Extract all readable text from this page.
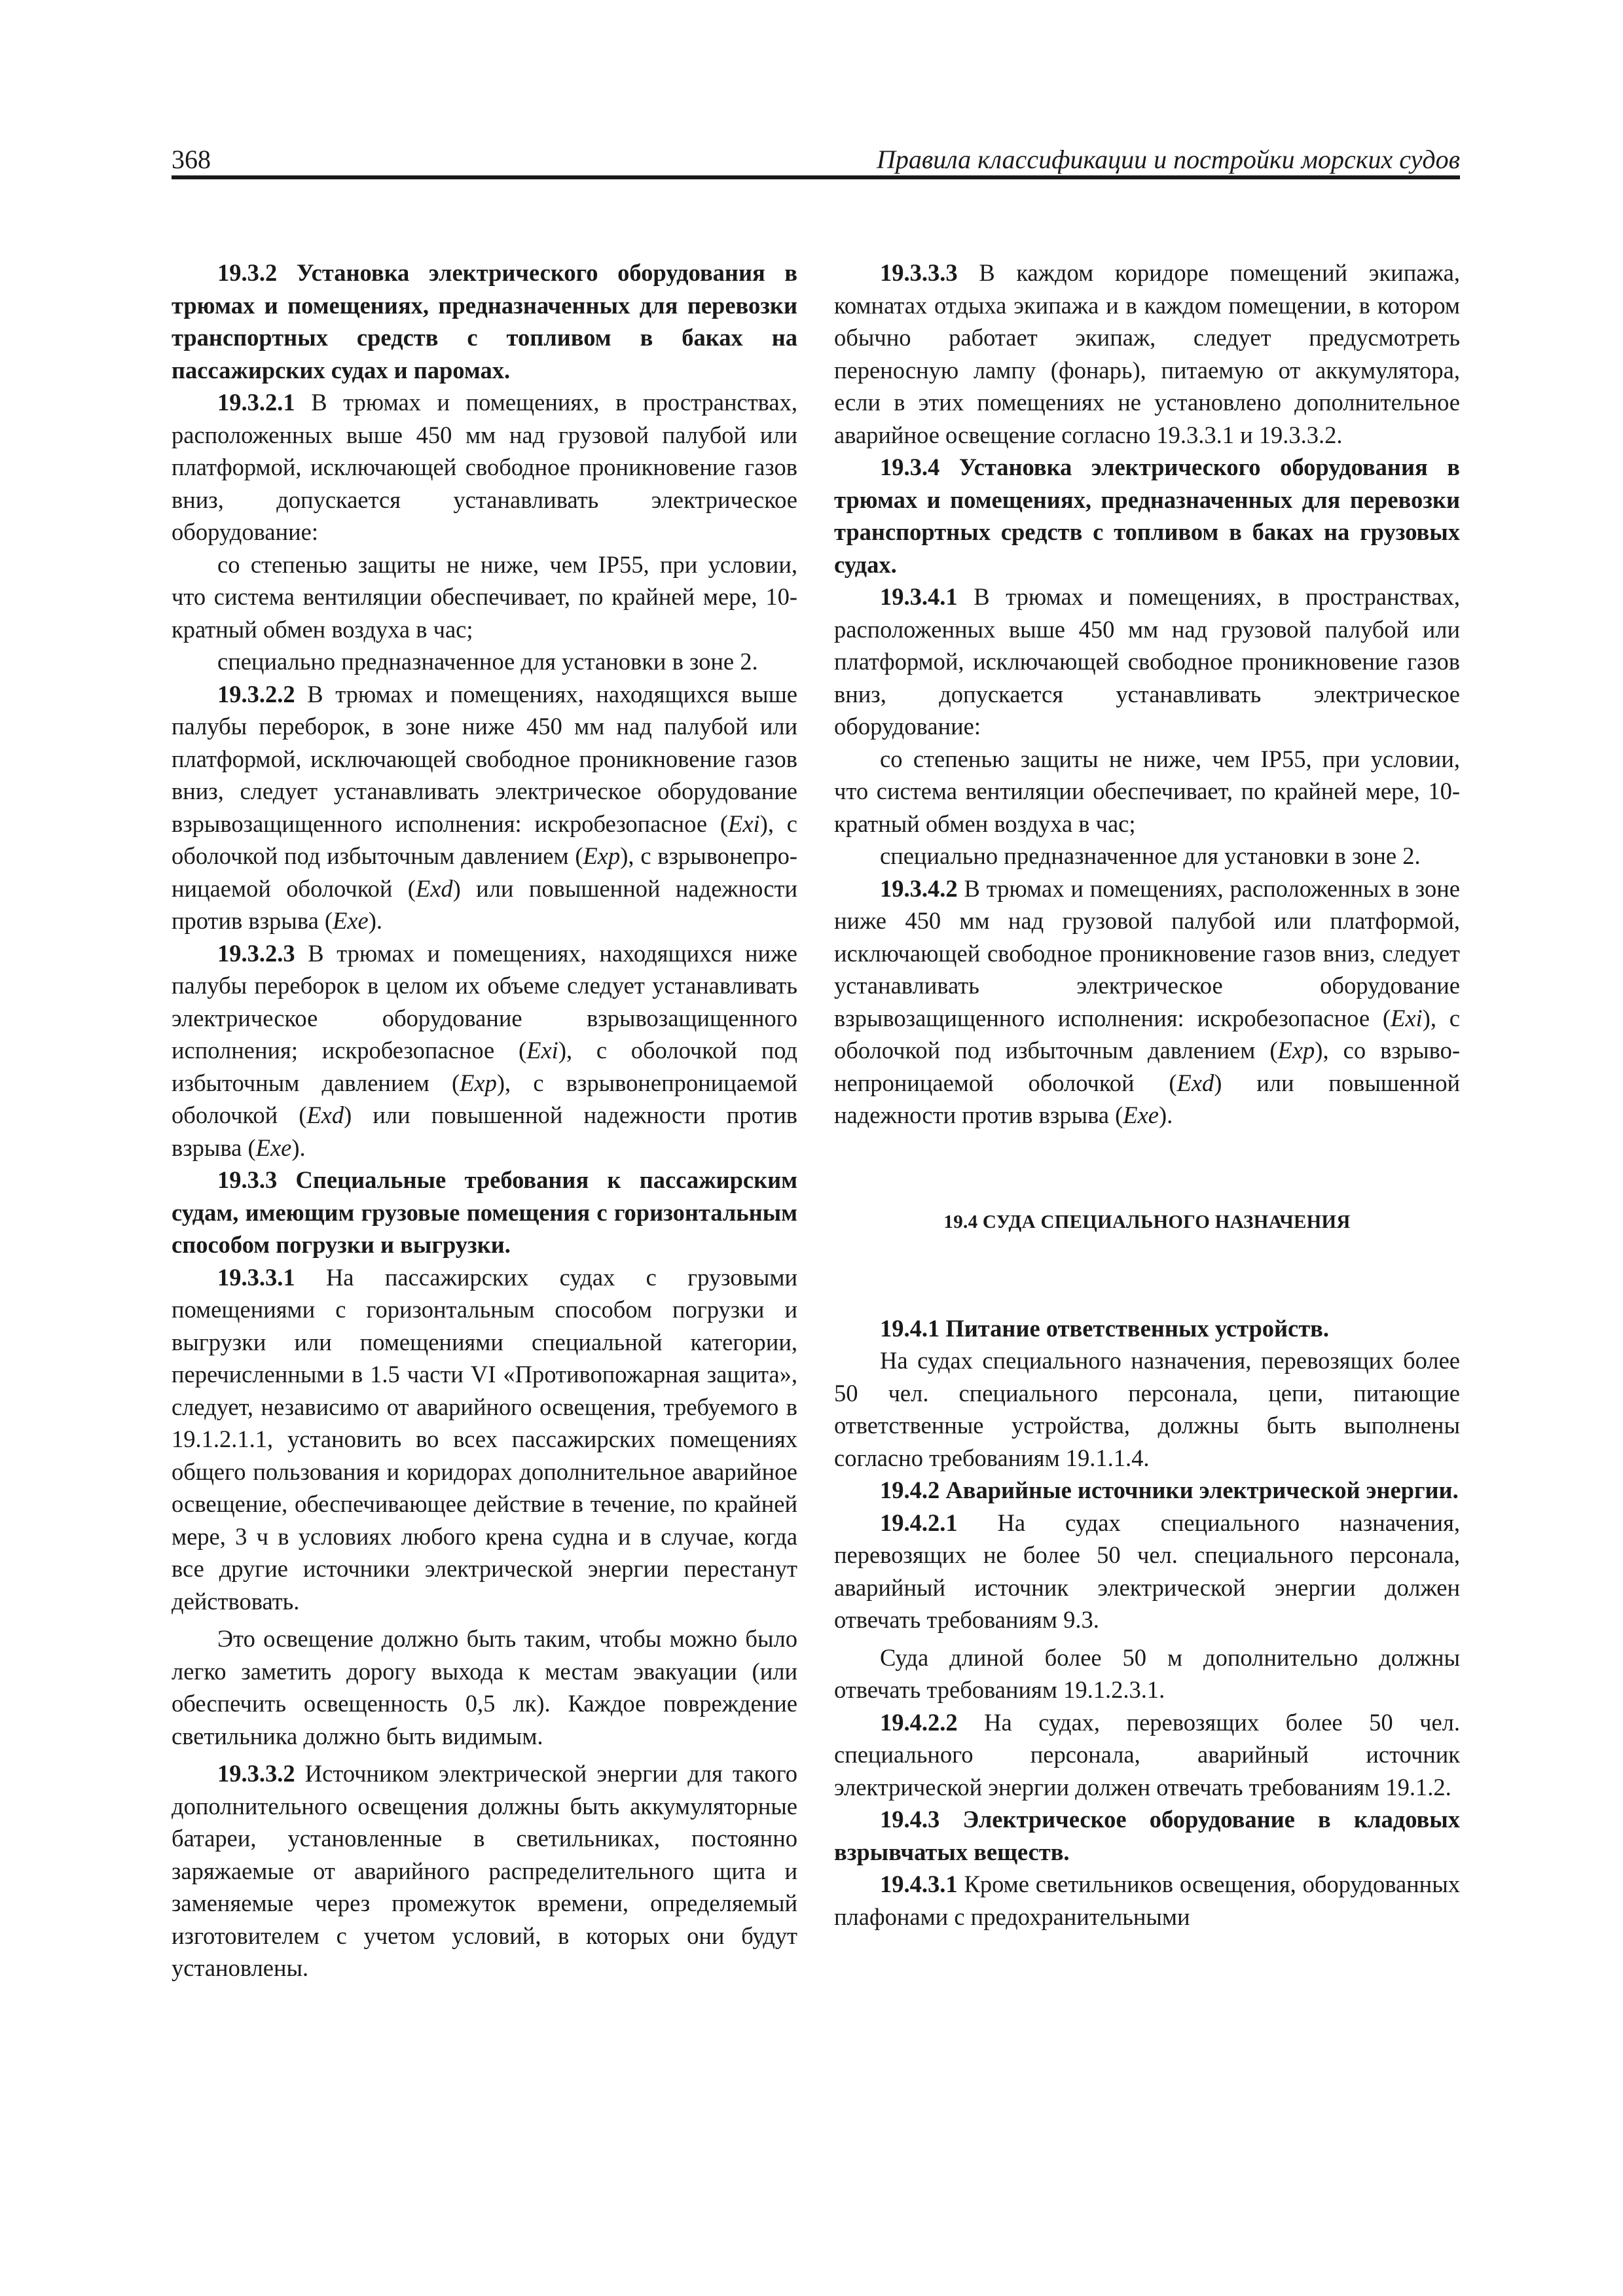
368	Правила классификации и постройки морских судов

19.3.2 Установка электрического оборудования в трюмах и помещениях, предназначенных для перевозки транспортных средств с топливом в баках на пассажирских судах и паромах.

19.3.2.1 В трюмах и помещениях, в пространствах, расположенных выше 450 мм над грузовой палубой или платформой, исключающей свободное проникновение газов вниз, допускается устанавливать электрическое оборудование:

со степенью защиты не ниже, чем IP55, при условии, что система вентиляции обеспечивает, по крайней мере, 10-кратный обмен воздуха в час;

специально предназначенное для установки в зоне 2.

19.3.2.2 В трюмах и помещениях, находящихся выше палубы переборок, в зоне ниже 450 мм над палубой или платформой, исключающей свободное проникновение газов вниз, следует устанавливать электрическое оборудование взрывозащищенного исполнения: искробезопасное (Exi), с оболочкой под избыточным давлением (Exp), с взрывонепроницаемой оболочкой (Exd) или повышенной надежности против взрыва (Exe).

19.3.2.3 В трюмах и помещениях, находящихся ниже палубы переборок в целом их объеме следует устанавливать электрическое оборудование взрывозащищенного исполнения; искробезопасное (Exi), с оболочкой под избыточным давлением (Exp), с взрывонепроницаемой оболочкой (Exd) или повышенной надежности против взрыва (Exe).

19.3.3 Специальные требования к пассажирским судам, имеющим грузовые помещения с горизонтальным способом погрузки и выгрузки.

19.3.3.1 На пассажирских судах с грузовыми помещениями с горизонтальным способом погрузки и выгрузки или помещениями специальной категории, перечисленными в 1.5 части VI «Противопожарная защита», следует, независимо от аварийного освещения, требуемого в 19.1.2.1.1, установить во всех пассажирских помещениях общего пользования и коридорах дополнительное аварийное освещение, обеспечивающее действие в течение, по крайней мере, 3 ч в условиях любого крена судна и в случае, когда все другие источники электрической энергии перестанут действовать.

Это освещение должно быть таким, чтобы можно было легко заметить дорогу выхода к местам эвакуации (или обеспечить освещенность 0,5 лк). Каждое повреждение светильника должно быть видимым.

19.3.3.2 Источником электрической энергии для такого дополнительного освещения должны быть аккумуляторные батареи, установленные в светильниках, постоянно заряжаемые от аварийного распределительного щита и заменяемые через промежуток времени, определяемый изготовителем с учетом условий, в которых они будут установлены.

19.3.3.3 В каждом коридоре помещений экипажа, комнатах отдыха экипажа и в каждом помещении, в котором обычно работает экипаж, следует предусмотреть переносную лампу (фонарь), питаемую от аккумулятора, если в этих помещениях не установлено дополнительное аварийное освещение согласно 19.3.3.1 и 19.3.3.2.

19.3.4 Установка электрического оборудования в трюмах и помещениях, предназначенных для перевозки транспортных средств с топливом в баках на грузовых судах.

19.3.4.1 В трюмах и помещениях, в пространствах, расположенных выше 450 мм над грузовой палубой или платформой, исключающей свободное проникновение газов вниз, допускается устанавливать электрическое оборудование:

со степенью защиты не ниже, чем IP55, при условии, что система вентиляции обеспечивает, по крайней мере, 10-кратный обмен воздуха в час;

специально предназначенное для установки в зоне 2.

19.3.4.2 В трюмах и помещениях, расположенных в зоне ниже 450 мм над грузовой палубой или платформой, исключающей свободное проникновение газов вниз, следует устанавливать электрическое оборудование взрывозащищенного исполнения: искробезопасное (Exi), с оболочкой под избыточным давлением (Exp), со взрывонепроницаемой оболочкой (Exd) или повышенной надежности против взрыва (Exe).

19.4 СУДА СПЕЦИАЛЬНОГО НАЗНАЧЕНИЯ

19.4.1 Питание ответственных устройств.

На судах специального назначения, перевозящих более 50 чел. специального персонала, цепи, питающие ответственные устройства, должны быть выполнены согласно требованиям 19.1.1.4.

19.4.2 Аварийные источники электрической энергии.

19.4.2.1 На судах специального назначения, перевозящих не более 50 чел. специального персонала, аварийный источник электрической энергии должен отвечать требованиям 9.3.

Суда длиной более 50 м дополнительно должны отвечать требованиям 19.1.2.3.1.

19.4.2.2 На судах, перевозящих более 50 чел. специального персонала, аварийный источник электрической энергии должен отвечать требованиям 19.1.2.

19.4.3 Электрическое оборудование в кладовых взрывчатых веществ.

19.4.3.1 Кроме светильников освещения, оборудованных плафонами с предохранительными
